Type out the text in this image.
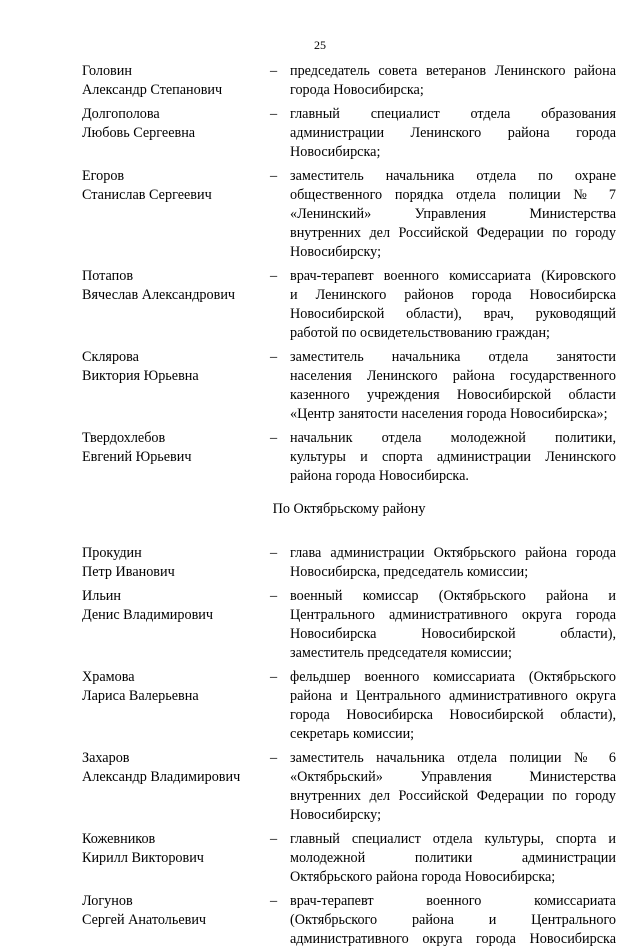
25
Головин
Александр Степанович
– председатель совета ветеранов Ленинского района
города Новосибирска;
Долгополова
Любовь Сергеевна
– главный специалист отдела образования
администрации Ленинского района города
Новосибирска;
Егоров
Станислав Сергеевич
– заместитель начальника отдела по охране
общественного порядка отдела полиции № 7
«Ленинский» Управления Министерства
внутренних дел Российской Федерации по городу
Новосибирску;
Потапов
Вячеслав Александрович
– врач-терапевт военного комиссариата (Кировского
и Ленинского районов города Новосибирска
Новосибирской области), врач, руководящий
работой по освидетельствованию граждан;
Склярова
Виктория Юрьевна
– заместитель начальника отдела занятости
населения Ленинского района государственного
казенного учреждения Новосибирской области
«Центр занятости населения города Новосибирска»;
Твердохлебов
Евгений Юрьевич
– начальник отдела молодежной политики,
культуры и спорта администрации Ленинского
района города Новосибирска.
По Октябрьскому району
Прокудин
Петр Иванович
– глава администрации Октябрьского района города
Новосибирска, председатель комиссии;
Ильин
Денис Владимирович
– военный комиссар (Октябрьского района и
Центрального административного округа города
Новосибирска Новосибирской области),
заместитель председателя комиссии;
Храмова
Лариса Валерьевна
– фельдшер военного комиссариата (Октябрьского
района и Центрального административного округа
города Новосибирска Новосибирской области),
секретарь комиссии;
Захаров
Александр Владимирович
– заместитель начальника отдела полиции № 6
«Октябрьский» Управления Министерства
внутренних дел Российской Федерации по городу
Новосибирску;
Кожевников
Кирилл Викторович
– главный специалист отдела культуры, спорта и
молодежной политики администрации
Октябрьского района города Новосибирска;
Логунов
Сергей Анатольевич
– врач-терапевт военного комиссариата
(Октябрьского района и Центрального
административного округа города Новосибирска
